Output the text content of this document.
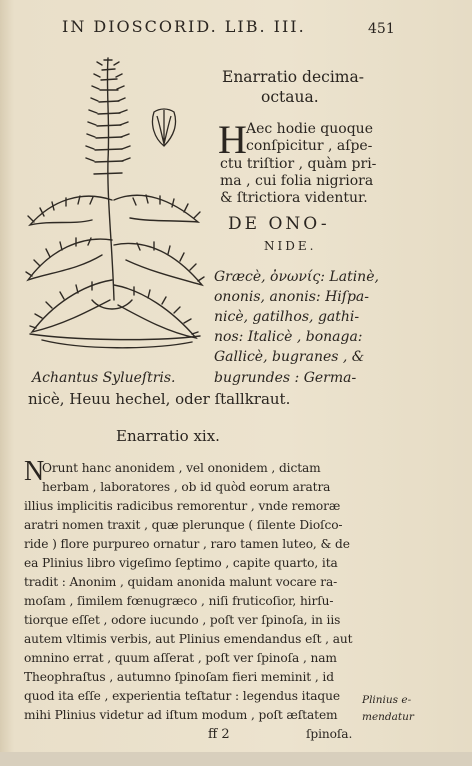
IN DIOSCORID. LIB. III.	451
Enarratio decima-
octaua.
H Aec hodie quoque
conſpicitur , aſpe-
ctu triſtior , quàm pri-
ma , cui folia nigriora
& ſtrictiora videntur.
DE ONO-
NIDE.
Græcè, ὀνωνίς: Latinè,
ononis, anonis: Hiſpa-
nicè, gatilhos, gathi-
nos: Italicè , bonaga:
Gallicè, bugranes , &
bugrundes : Germa-
Achantus Sylueſtris.
nicè, Heuu hechel, oder ſtallkraut.
Enarratio xix.
N
Orunt hanc anonidem , vel ononidem , dictam
herbam , laboratores , ob id quòd eorum aratra
illius implicitis radicibus remorentur , vnde remoræ
aratri nomen traxit , quæ plerunque ( ſilente Dioſco-
ride ) flore purpureo ornatur , raro tamen luteo, & de
ea Plinius libro vigeſimo ſeptimo , capite quarto, ita
tradit : Anonim , quidam anonida malunt vocare ra-
moſam , ſimilem fœnugræco , niſi fruticoſior, hirſu-
tiorque eſſet , odore iucundo , poſt ver ſpinoſa, in iis
autem vltimis verbis, aut Plinius emendandus eſt , aut
omnino errat , quum aſſerat , poſt ver ſpinoſa , nam
Theophraſtus , autumno ſpinoſam fieri meminit , id
quod ita eſſe , experientia teſtatur : legendus itaque
mihi Plinius videtur ad iſtum modum , poſt æſtatem
ff 2	ſpinoſa.
Plinius e-
mendatur
